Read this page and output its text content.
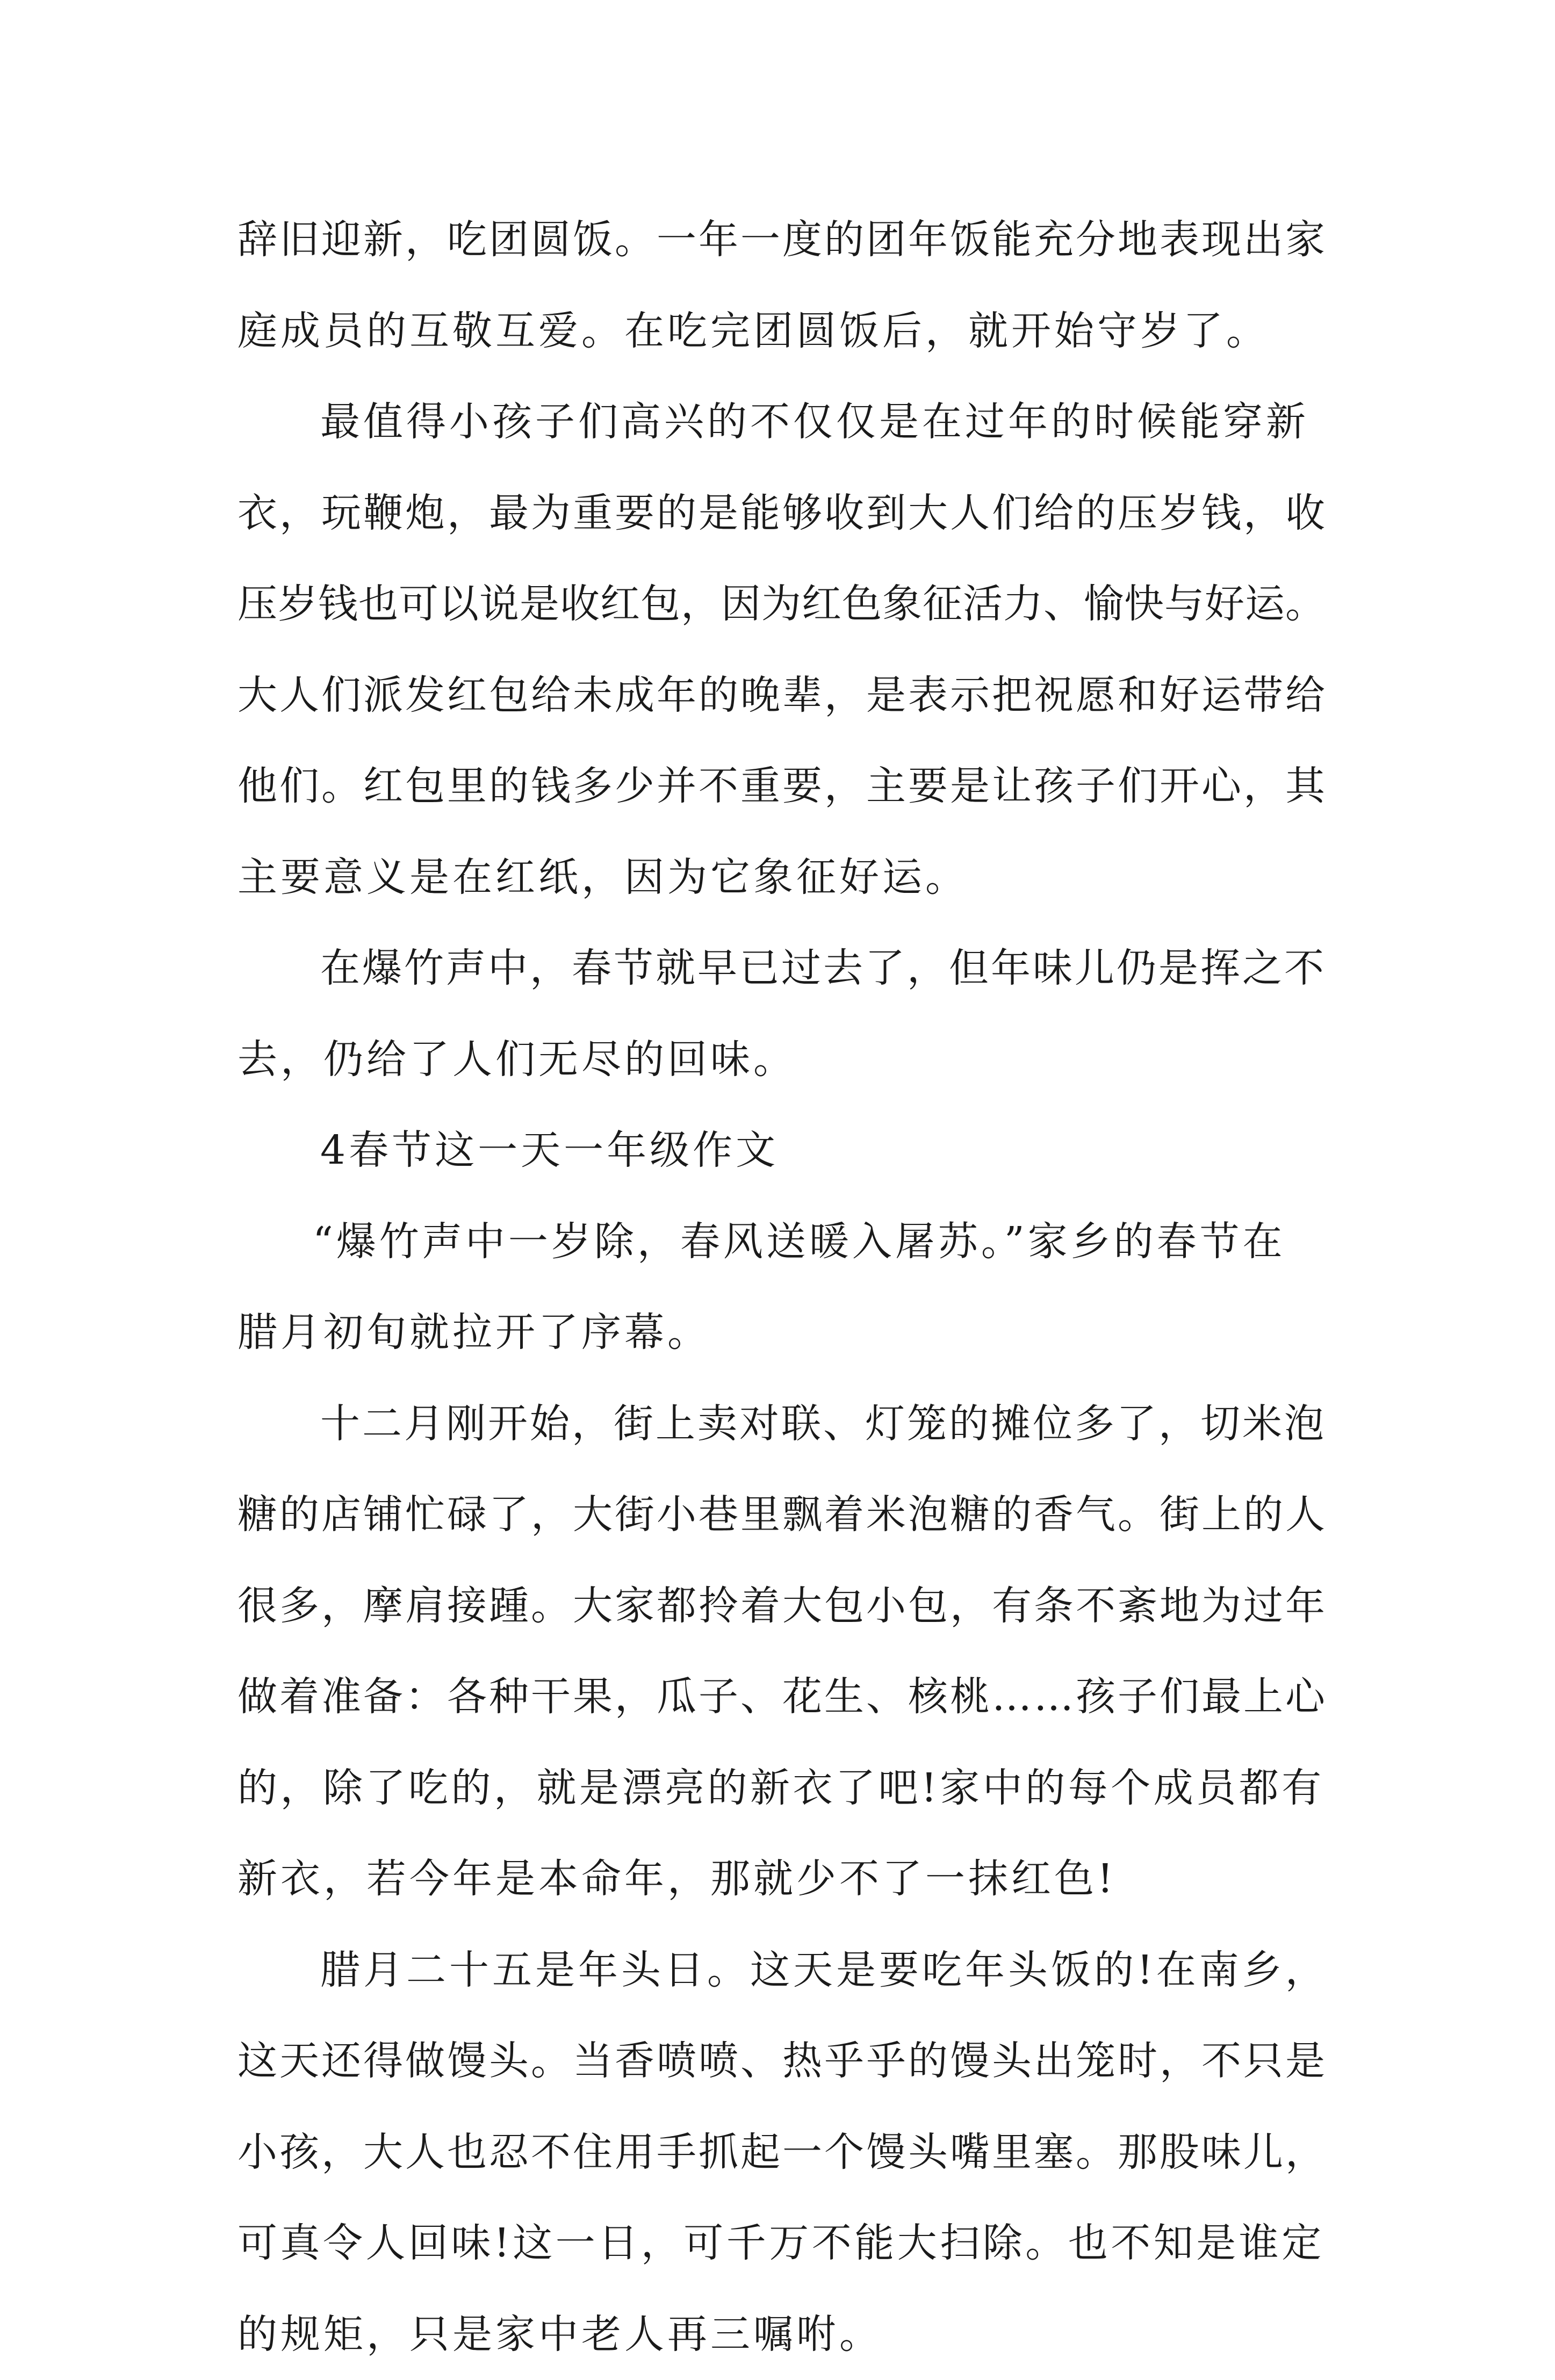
辞旧迎新，吃团圆饭。一年一度的团年饭能充分地表现出家
庭成员的互敬互爱。在吃完团圆饭后，就开始守岁了。
最值得小孩子们高兴的不仅仅是在过年的时候能穿新
衣，玩鞭炮，最为重要的是能够收到大人们给的压岁钱，收
压岁钱也可以说是收红包，因为红色象征活力、愉快与好运。
大人们派发红包给未成年的晚辈，是表示把祝愿和好运带给
他们。红包里的钱多少并不重要，主要是让孩子们开心，其
主要意义是在红纸，因为它象征好运。
在爆竹声中，春节就早已过去了，但年味儿仍是挥之不
去，仍给了人们无尽的回味。
4春节这一天一年级作文
“爆竹声中一岁除，春风送暖入屠苏。”家乡的春节在
腊月初旬就拉开了序幕。
十二月刚开始，街上卖对联、灯笼的摊位多了，切米泡
糖的店铺忙碌了，大街小巷里飘着米泡糖的香气。街上的人
很多，摩肩接踵。大家都拎着大包小包，有条不紊地为过年
做着准备：各种干果，瓜子、花生、核桃……孩子们最上心
的，除了吃的，就是漂亮的新衣了吧!家中的每个成员都有
新衣，若今年是本命年，那就少不了一抹红色!
腊月二十五是年头日。这天是要吃年头饭的!在南乡，
这天还得做馒头。当香喷喷、热乎乎的馒头出笼时，不只是
小孩，大人也忍不住用手抓起一个馒头嘴里塞。那股味儿，
可真令人回味!这一日，可千万不能大扫除。也不知是谁定
的规矩，只是家中老人再三嘱咐。
